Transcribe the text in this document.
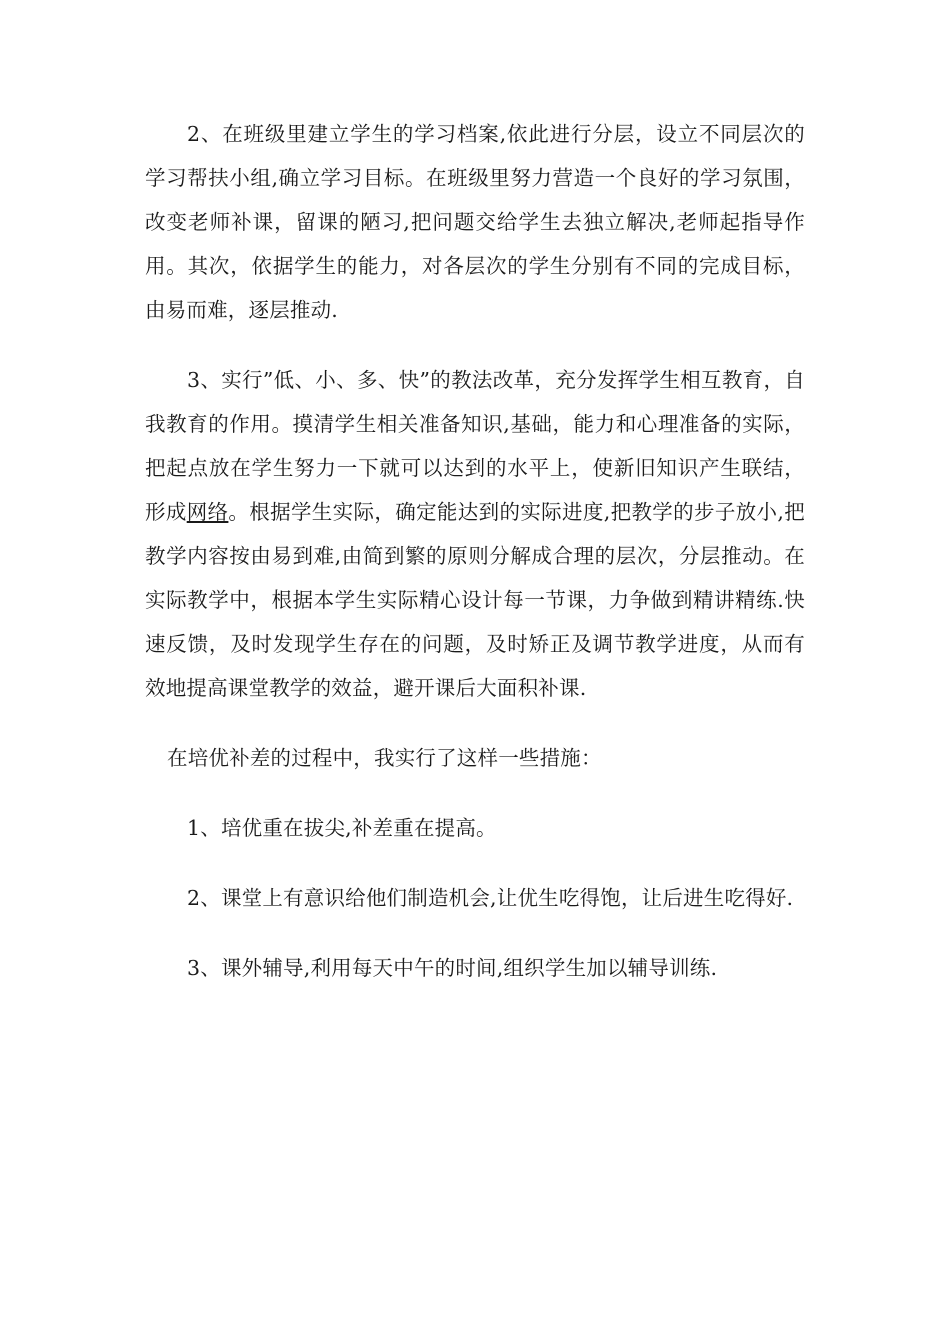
2、在班级里建立学生的学习档案,依此进行分层，设立不同层次的学习帮扶小组,确立学习目标。在班级里努力营造一个良好的学习氛围，改变老师补课，留课的陋习,把问题交给学生去独立解决,老师起指导作用。其次，依据学生的能力，对各层次的学生分别有不同的完成目标，由易而难，逐层推动.

3、实行”低、小、多、快”的教法改革，充分发挥学生相互教育，自我教育的作用。摸清学生相关准备知识,基础，能力和心理准备的实际，把起点放在学生努力一下就可以达到的水平上，使新旧知识产生联结，形成网络。根据学生实际，确定能达到的实际进度,把教学的步子放小,把教学内容按由易到难,由简到繁的原则分解成合理的层次，分层推动。在实际教学中，根据本学生实际精心设计每一节课，力争做到精讲精练.快速反馈，及时发现学生存在的问题，及时矫正及调节教学进度，从而有效地提高课堂教学的效益，避开课后大面积补课.

在培优补差的过程中，我实行了这样一些措施：

1、培优重在拔尖,补差重在提高。

2、课堂上有意识给他们制造机会,让优生吃得饱，让后进生吃得好.

3、课外辅导,利用每天中午的时间,组织学生加以辅导训练.
